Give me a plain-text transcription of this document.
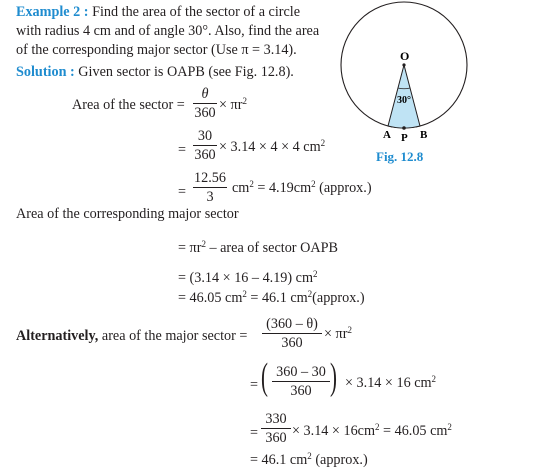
Example 2 : Find the area of the sector of a circle
with radius 4 cm and of angle 30°. Also, find the area
of the corresponding major sector (Use π = 3.14).
Solution : Given sector is OAPB (see Fig. 12.8).
Area of the sector =
θ
$360 \times \pi r^2$
=
30
360 × 3.14 × 4 × 4 $cm^2$
=
12.56
3
$cm^2 = 4.19cm^2$ (approx.)
O
30°
A P B
Fig. 12.8
Area of the corresponding major sector
= $\pi r^2$ – area of sector OAPB
= (3.14 × 16 – 4.19) $cm^2$
= 46.05 $cm^2 = 46.1$ $cm^2(approx.)$
Alternatively, area of the major sector =
(360 – θ)
360
× $\pi r^2$
= ( 360 – 30
360 ) × 3.14 × 16 $cm^2$
=
330
$360 \times 3.14 \times 16cm^2 = 46.05$ $cm^2$
= 46.1 $cm^2$ (approx.)
